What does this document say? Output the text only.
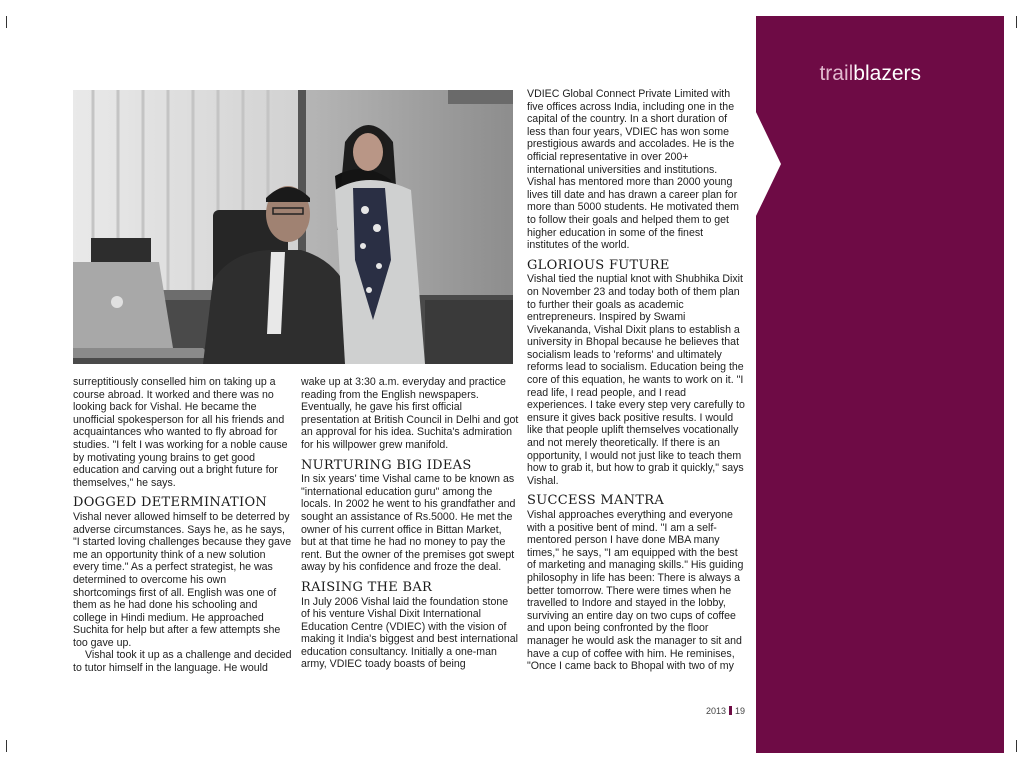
surreptitiously conselled him on taking up a course abroad. It worked and there was no looking back for Vishal. He became the unofficial spokesperson for all his friends and acquaintances who wanted to fly abroad for studies. "I felt I was working for a noble cause by motivating young brains to get good education and carving out a bright future for themselves," he says.

DOGGED DETERMINATION

Vishal never allowed himself to be deterred by adverse circumstances. Says he, as he says, "I started loving challenges because they gave me an opportunity think of a new solution every time." As a perfect strategist, he was determined to overcome his own shortcomings first of all. English was one of them as he had done his schooling and college in Hindi medium. He approached Suchita for help but after a few attempts she too gave up.

Vishal took it up as a challenge and decided to tutor himself in the language. He would

wake up at 3:30 a.m. everyday and practice reading from the English newspapers. Eventually, he gave his first official presentation at British Council in Delhi and got an approval for his idea. Suchita's admiration for his willpower grew manifold.

NURTURING BIG IDEAS

In six years' time Vishal came to be known as "international education guru" among the locals. In 2002 he went to his grandfather and sought an assistance of Rs.5000. He met the owner of his current office in Bittan Market, but at that time he had no money to pay the rent. But the owner of the premises got swept away by his confidence and froze the deal.

RAISING THE BAR

In July 2006 Vishal laid the foundation stone of his venture Vishal Dixit International Education Centre (VDIEC) with the vision of making it India's biggest and best international education consultancy. Initially a one-man army, VDIEC toady boasts of being

VDIEC Global Connect Private Limited with five offices across India, including one in the capital of the country. In a short duration of less than four years, VDIEC has won some prestigious awards and accolades. He is the official representative in over 200+ international universities and institutions. Vishal has mentored more than 2000 young lives till date and has drawn a career plan for more than 5000 students. He motivated them to follow their goals and helped them to get higher education in some of the finest institutes of the world.

GLORIOUS FUTURE

Vishal tied the nuptial knot with Shubhika Dixit on November 23 and today both of them plan to further their goals as academic entrepreneurs. Inspired by Swami Vivekananda, Vishal Dixit plans to establish a university in Bhopal because he believes that socialism leads to 'reforms' and ultimately reforms lead to socialism. Education being the core of this equation, he wants to work on it. "I read life, I read people, and I read experiences. I take every step very carefully to ensure it gives back positive results. I would like that people uplift themselves vocationally and not merely theoretically. If there is an opportunity, I would not just like to teach them how to grab it, but how to grab it quickly," says Vishal.

SUCCESS MANTRA

Vishal approaches everything and everyone with a positive bent of mind. "I am a self-mentored person I have done MBA many times," he says, "I am equipped with the best of marketing and managing skills." His guiding philosophy in life has been: There is always a better tomorrow. There were times when he travelled to Indore and stayed in the lobby, surviving an entire day on two cups of coffee and upon being confronted by the floor manager he would ask the manager to sit and have a cup of coffee with him. He reminises, "Once I came back to Bhopal with two of my

trailblazers
2013 19
